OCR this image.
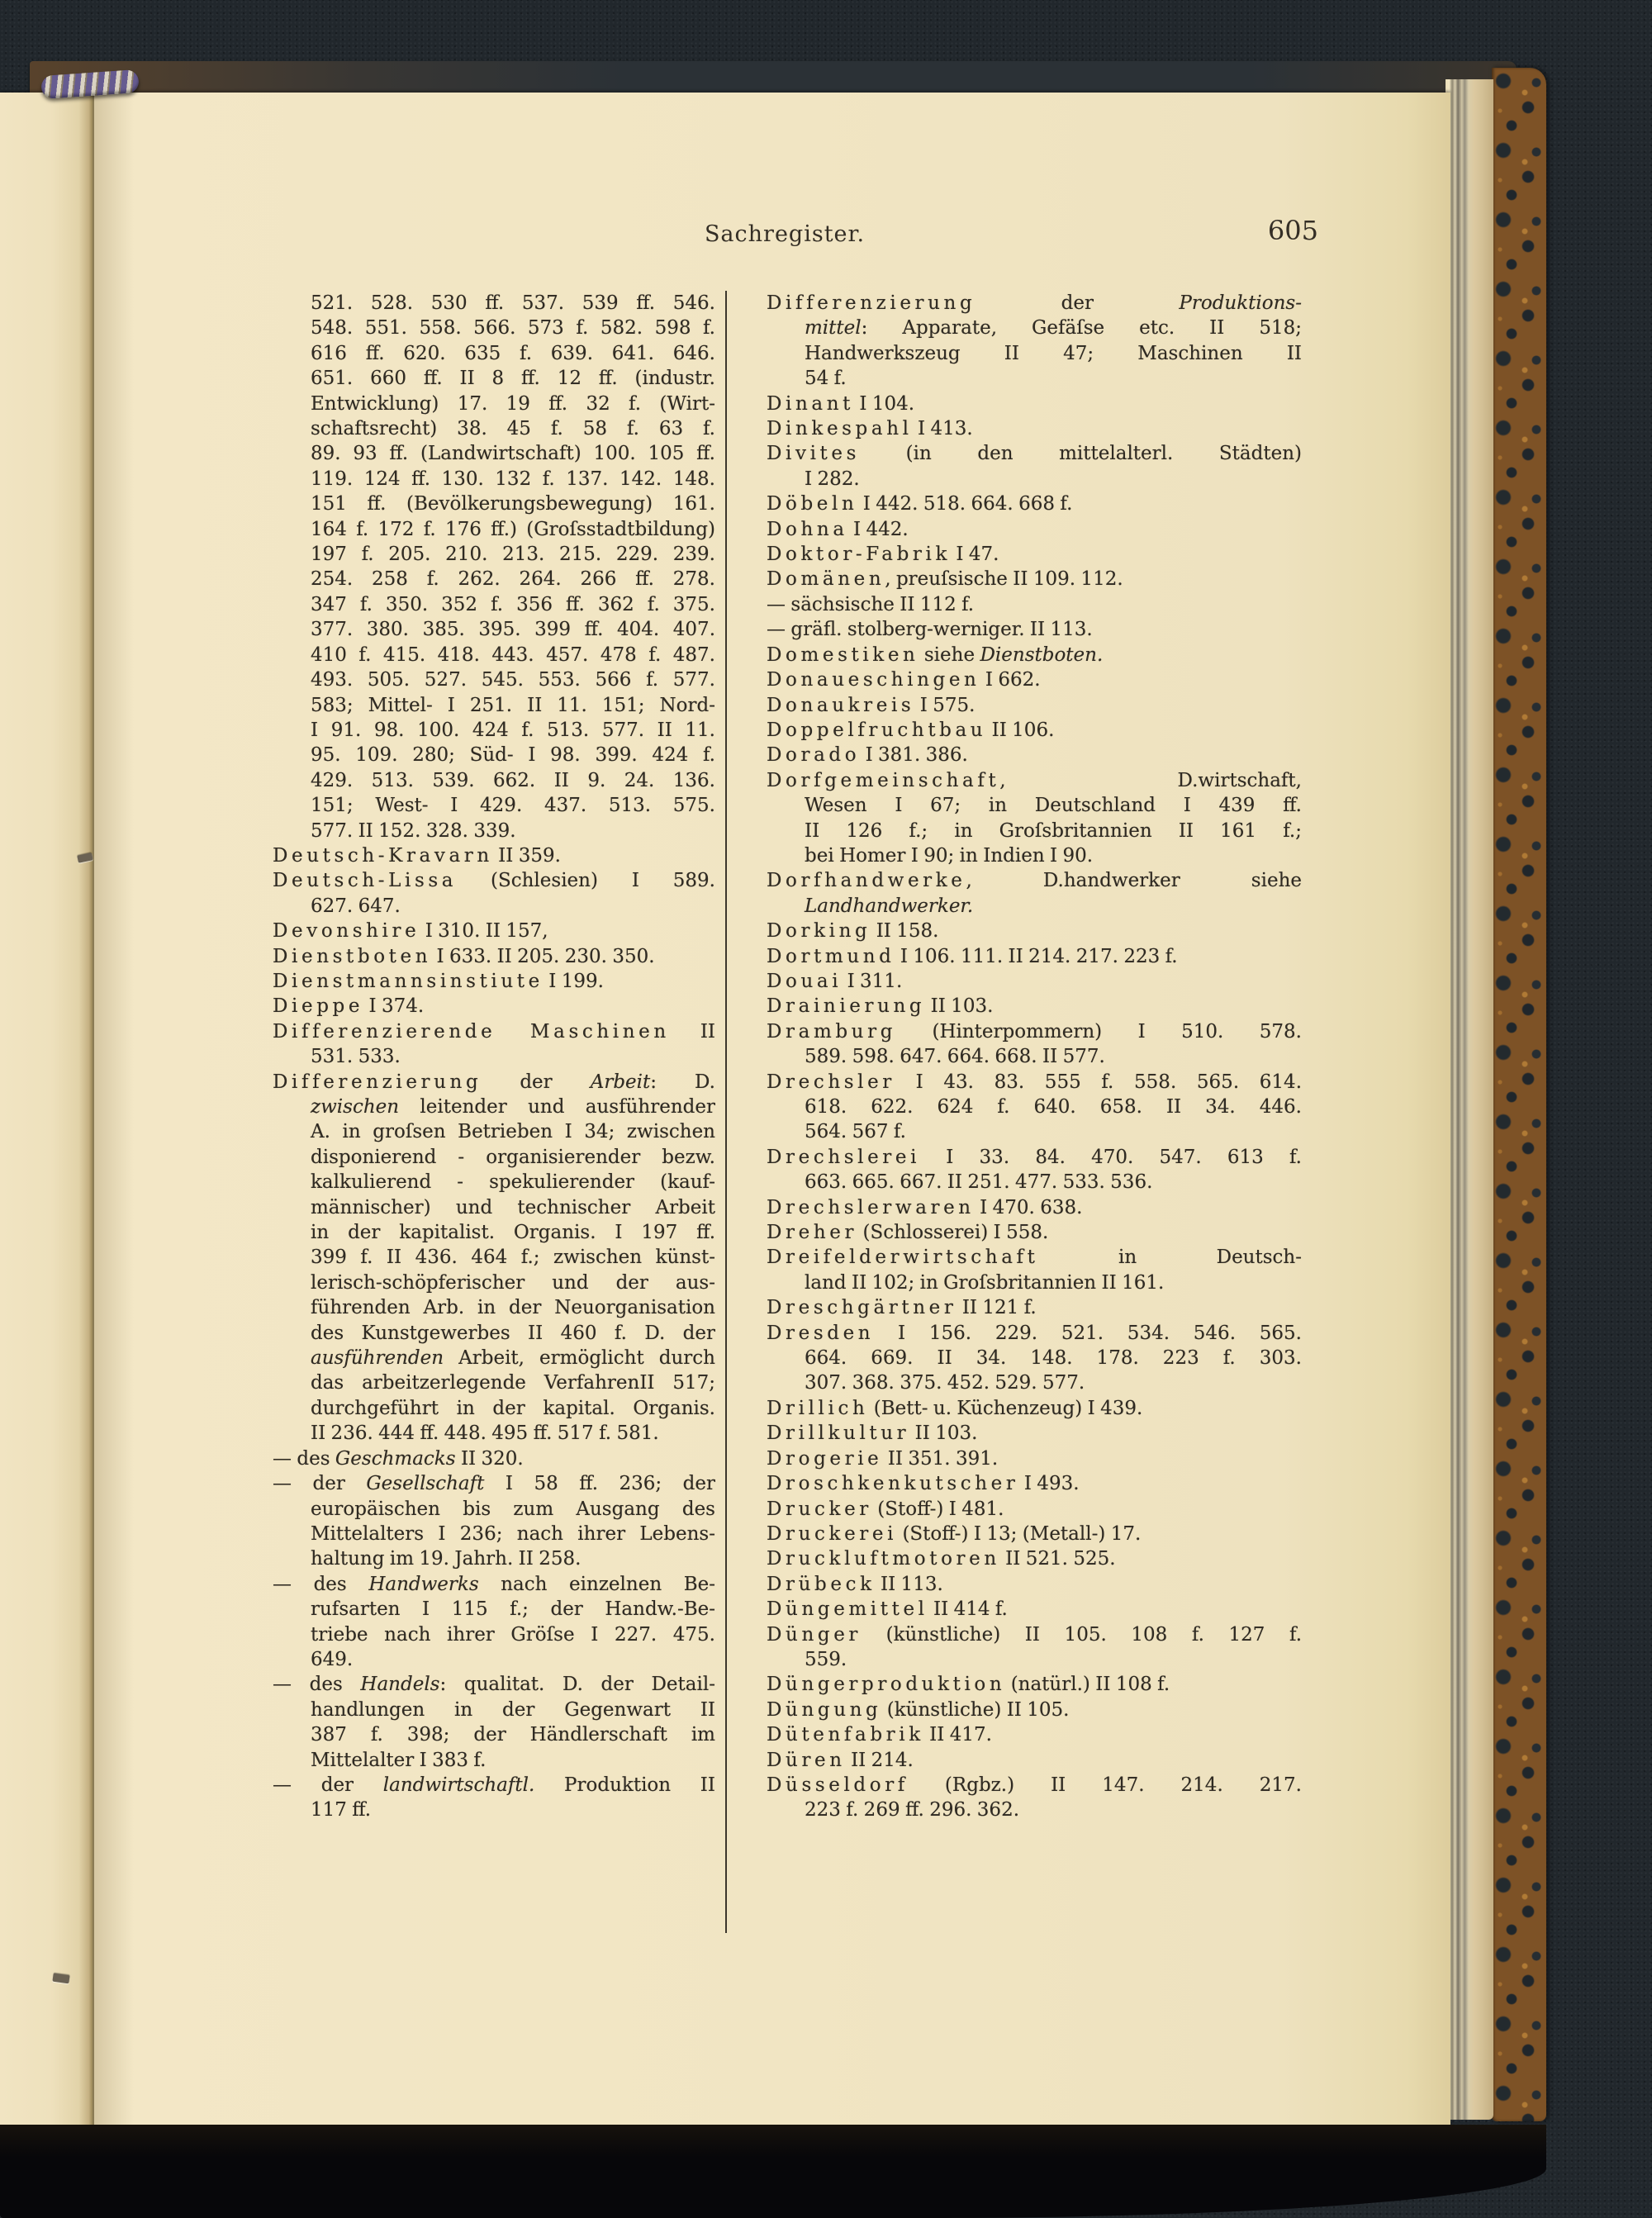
Sachregister.	605
521. 528. 530 ff. 537. 539 ff. 546.
548. 551. 558. 566. 573 f. 582. 598 f.
616 ff. 620. 635 f. 639. 641. 646.
651. 660 ff. II 8 ff. 12 ff. (industr.
Entwicklung) 17. 19 ff. 32 f. (Wirt-
schaftsrecht) 38. 45 f. 58 f. 63 f.
89. 93 ff. (Landwirtschaft) 100. 105 ff.
119. 124 ff. 130. 132 f. 137. 142. 148.
151 ff. (Bevölkerungsbewegung) 161.
164 f. 172 f. 176 ff.) (Groſsstadtbildung)
197 f. 205. 210. 213. 215. 229. 239.
254. 258 f. 262. 264. 266 ff. 278.
347 f. 350. 352 f. 356 ff. 362 f. 375.
377. 380. 385. 395. 399 ff. 404. 407.
410 f. 415. 418. 443. 457. 478 f. 487.
493. 505. 527. 545. 553. 566 f. 577.
583; Mittel- I 251. II 11. 151; Nord-
I 91. 98. 100. 424 f. 513. 577. II 11.
95. 109. 280; Süd- I 98. 399. 424 f.
429. 513. 539. 662. II 9. 24. 136.
151; West- I 429. 437. 513. 575.
577. II 152. 328. 339.
Deutsch-Kravarn II 359.
Deutsch-Lissa (Schlesien) I 589.
627. 647.
Devonshire I 310. II 157,
Dienstboten I 633. II 205. 230. 350.
Dienstmannsinstiute I 199.
Dieppe I 374.
Differenzierende Maschinen II
531. 533.
Differenzierung der Arbeit: D.
zwischen leitender und ausführender
A. in groſsen Betrieben I 34; zwischen
disponierend - organisierender bezw.
kalkulierend - spekulierender (kauf-
männischer) und technischer Arbeit
in der kapitalist. Organis. I 197 ff.
399 f. II 436. 464 f.; zwischen künst-
lerisch-schöpferischer und der aus-
führenden Arb. in der Neuorganisation
des Kunstgewerbes II 460 f. D. der
ausführenden Arbeit, ermöglicht durch
das arbeitzerlegende VerfahrenII 517;
durchgeführt in der kapital. Organis.
II 236. 444 ff. 448. 495 ff. 517 f. 581.
— des Geschmacks II 320.
— der Gesellschaft I 58 ff. 236; der
europäischen bis zum Ausgang des
Mittelalters I 236; nach ihrer Lebens-
haltung im 19. Jahrh. II 258.
— des Handwerks nach einzelnen Be-
rufsarten I 115 f.; der Handw.-Be-
triebe nach ihrer Gröſse I 227. 475.
649.
— des Handels: qualitat. D. der Detail-
handlungen in der Gegenwart II
387 f. 398; der Händlerschaft im
Mittelalter I 383 f.
— der landwirtschaftl. Produktion II
117 ff.
Differenzierung der Produktions-
mittel: Apparate, Gefäſse etc. II 518;
Handwerkszeug II 47; Maschinen II
54 f.
Dinant I 104.
Dinkespahl I 413.
Divites (in den mittelalterl. Städten)
I 282.
Döbeln I 442. 518. 664. 668 f.
Dohna I 442.
Doktor-Fabrik I 47.
Domänen, preuſsische II 109. 112.
— sächsische II 112 f.
— gräfl. stolberg-werniger. II 113.
Domestiken siehe Dienstboten.
Donaueschingen I 662.
Donaukreis I 575.
Doppelfruchtbau II 106.
Dorado I 381. 386.
Dorfgemeinschaft, D.wirtschaft,
Wesen I 67; in Deutschland I 439 ff.
II 126 f.; in Groſsbritannien II 161 f.;
bei Homer I 90; in Indien I 90.
Dorfhandwerke, D.handwerker siehe
Landhandwerker.
Dorking II 158.
Dortmund I 106. 111. II 214. 217. 223 f.
Douai I 311.
Drainierung II 103.
Dramburg (Hinterpommern) I 510. 578.
589. 598. 647. 664. 668. II 577.
Drechsler I 43. 83. 555 f. 558. 565. 614.
618. 622. 624 f. 640. 658. II 34. 446.
564. 567 f.
Drechslerei I 33. 84. 470. 547. 613 f.
663. 665. 667. II 251. 477. 533. 536.
Drechslerwaren I 470. 638.
Dreher (Schlosserei) I 558.
Dreifelderwirtschaft in Deutsch-
land II 102; in Groſsbritannien II 161.
Dreschgärtner II 121 f.
Dresden I 156. 229. 521. 534. 546. 565.
664. 669. II 34. 148. 178. 223 f. 303.
307. 368. 375. 452. 529. 577.
Drillich (Bett- u. Küchenzeug) I 439.
Drillkultur II 103.
Drogerie II 351. 391.
Droschkenkutscher I 493.
Drucker (Stoff-) I 481.
Druckerei (Stoff-) I 13; (Metall-) 17.
Druckluftmotoren II 521. 525.
Drübeck II 113.
Düngemittel II 414 f.
Dünger (künstliche) II 105. 108 f. 127 f.
559.
Düngerproduktion (natürl.) II 108 f.
Düngung (künstliche) II 105.
Dütenfabrik II 417.
Düren II 214.
Düsseldorf (Rgbz.) II 147. 214. 217.
223 f. 269 ff. 296. 362.
